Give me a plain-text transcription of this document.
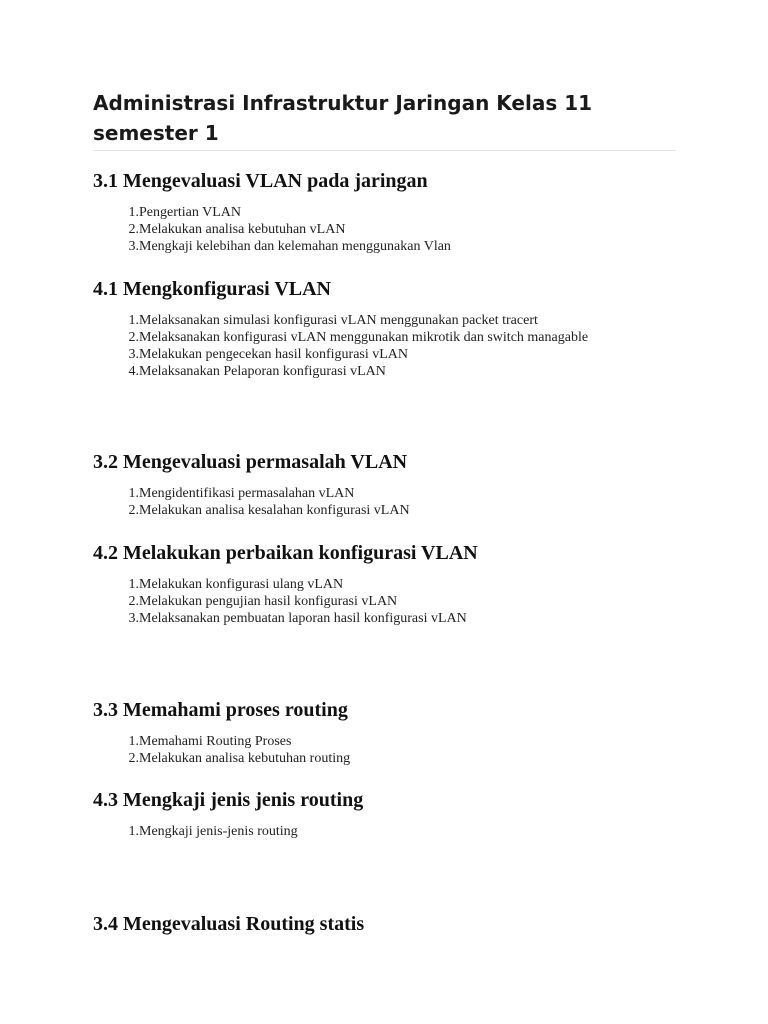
Administrasi Infrastruktur Jaringan Kelas 11 semester 1
3.1 Mengevaluasi VLAN pada jaringan
1. Pengertian VLAN
2. Melakukan analisa kebutuhan vLAN
3. Mengkaji kelebihan dan kelemahan menggunakan Vlan
4.1 Mengkonfigurasi VLAN
1. Melaksanakan simulasi konfigurasi vLAN menggunakan packet tracert
2. Melaksanakan konfigurasi vLAN menggunakan mikrotik dan switch managable
3. Melakukan pengecekan hasil konfigurasi vLAN
4. Melaksanakan Pelaporan konfigurasi vLAN
3.2 Mengevaluasi permasalah VLAN
1. Mengidentifikasi permasalahan vLAN
2. Melakukan analisa kesalahan konfigurasi vLAN
4.2 Melakukan perbaikan konfigurasi VLAN
1. Melakukan konfigurasi ulang vLAN
2. Melakukan pengujian hasil konfigurasi vLAN
3. Melaksanakan pembuatan laporan hasil konfigurasi vLAN
3.3 Memahami proses routing
1. Memahami Routing Proses
2. Melakukan analisa kebutuhan routing
4.3 Mengkaji jenis jenis routing
1. Mengkaji jenis-jenis routing
3.4 Mengevaluasi Routing statis
